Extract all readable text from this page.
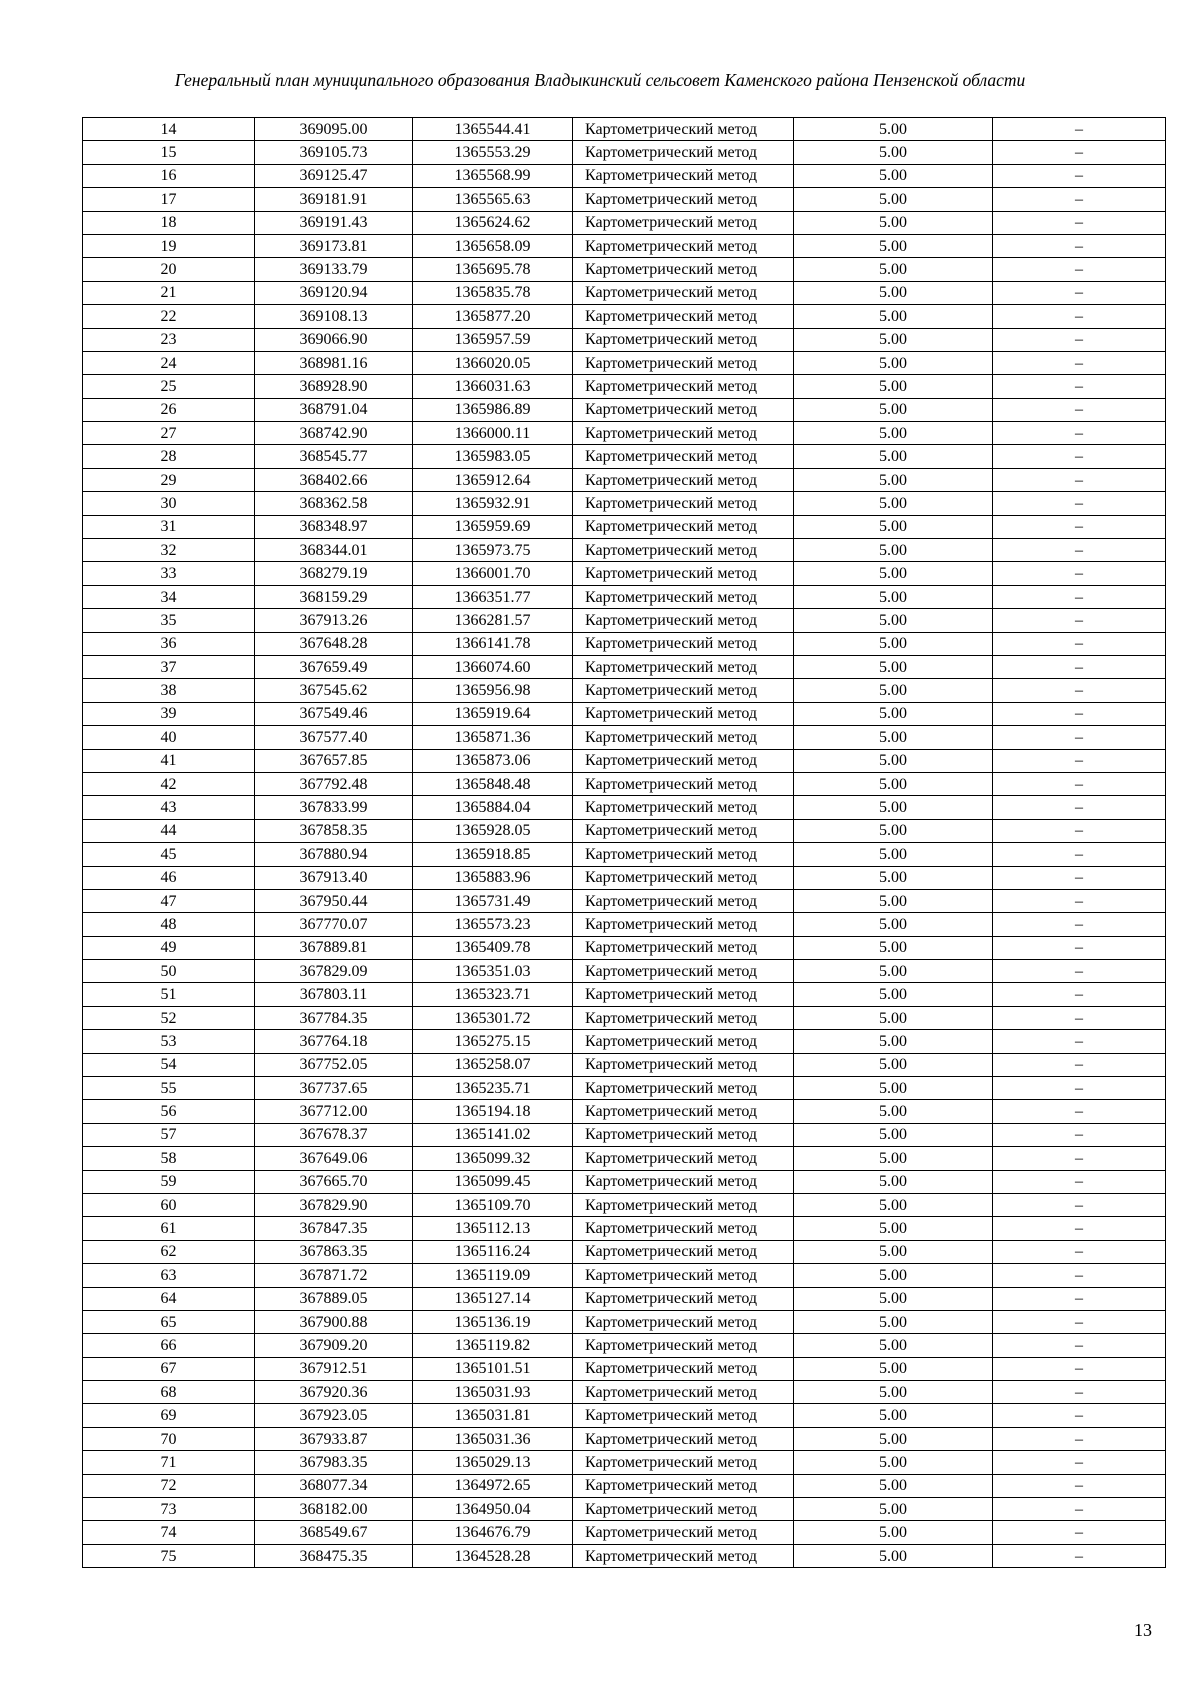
Генеральный план муниципального образования Владыкинский сельсовет Каменского района Пензенской области
14	369095.00	1365544.41	Картометрический метод	5.00	–
15	369105.73	1365553.29	Картометрический метод	5.00	–
16	369125.47	1365568.99	Картометрический метод	5.00	–
17	369181.91	1365565.63	Картометрический метод	5.00	–
18	369191.43	1365624.62	Картометрический метод	5.00	–
19	369173.81	1365658.09	Картометрический метод	5.00	–
20	369133.79	1365695.78	Картометрический метод	5.00	–
21	369120.94	1365835.78	Картометрический метод	5.00	–
22	369108.13	1365877.20	Картометрический метод	5.00	–
23	369066.90	1365957.59	Картометрический метод	5.00	–
24	368981.16	1366020.05	Картометрический метод	5.00	–
25	368928.90	1366031.63	Картометрический метод	5.00	–
26	368791.04	1365986.89	Картометрический метод	5.00	–
27	368742.90	1366000.11	Картометрический метод	5.00	–
28	368545.77	1365983.05	Картометрический метод	5.00	–
29	368402.66	1365912.64	Картометрический метод	5.00	–
30	368362.58	1365932.91	Картометрический метод	5.00	–
31	368348.97	1365959.69	Картометрический метод	5.00	–
32	368344.01	1365973.75	Картометрический метод	5.00	–
33	368279.19	1366001.70	Картометрический метод	5.00	–
34	368159.29	1366351.77	Картометрический метод	5.00	–
35	367913.26	1366281.57	Картометрический метод	5.00	–
36	367648.28	1366141.78	Картометрический метод	5.00	–
37	367659.49	1366074.60	Картометрический метод	5.00	–
38	367545.62	1365956.98	Картометрический метод	5.00	–
39	367549.46	1365919.64	Картометрический метод	5.00	–
40	367577.40	1365871.36	Картометрический метод	5.00	–
41	367657.85	1365873.06	Картометрический метод	5.00	–
42	367792.48	1365848.48	Картометрический метод	5.00	–
43	367833.99	1365884.04	Картометрический метод	5.00	–
44	367858.35	1365928.05	Картометрический метод	5.00	–
45	367880.94	1365918.85	Картометрический метод	5.00	–
46	367913.40	1365883.96	Картометрический метод	5.00	–
47	367950.44	1365731.49	Картометрический метод	5.00	–
48	367770.07	1365573.23	Картометрический метод	5.00	–
49	367889.81	1365409.78	Картометрический метод	5.00	–
50	367829.09	1365351.03	Картометрический метод	5.00	–
51	367803.11	1365323.71	Картометрический метод	5.00	–
52	367784.35	1365301.72	Картометрический метод	5.00	–
53	367764.18	1365275.15	Картометрический метод	5.00	–
54	367752.05	1365258.07	Картометрический метод	5.00	–
55	367737.65	1365235.71	Картометрический метод	5.00	–
56	367712.00	1365194.18	Картометрический метод	5.00	–
57	367678.37	1365141.02	Картометрический метод	5.00	–
58	367649.06	1365099.32	Картометрический метод	5.00	–
59	367665.70	1365099.45	Картометрический метод	5.00	–
60	367829.90	1365109.70	Картометрический метод	5.00	–
61	367847.35	1365112.13	Картометрический метод	5.00	–
62	367863.35	1365116.24	Картометрический метод	5.00	–
63	367871.72	1365119.09	Картометрический метод	5.00	–
64	367889.05	1365127.14	Картометрический метод	5.00	–
65	367900.88	1365136.19	Картометрический метод	5.00	–
66	367909.20	1365119.82	Картометрический метод	5.00	–
67	367912.51	1365101.51	Картометрический метод	5.00	–
68	367920.36	1365031.93	Картометрический метод	5.00	–
69	367923.05	1365031.81	Картометрический метод	5.00	–
70	367933.87	1365031.36	Картометрический метод	5.00	–
71	367983.35	1365029.13	Картометрический метод	5.00	–
72	368077.34	1364972.65	Картометрический метод	5.00	–
73	368182.00	1364950.04	Картометрический метод	5.00	–
74	368549.67	1364676.79	Картометрический метод	5.00	–
75	368475.35	1364528.28	Картометрический метод	5.00	–
13
